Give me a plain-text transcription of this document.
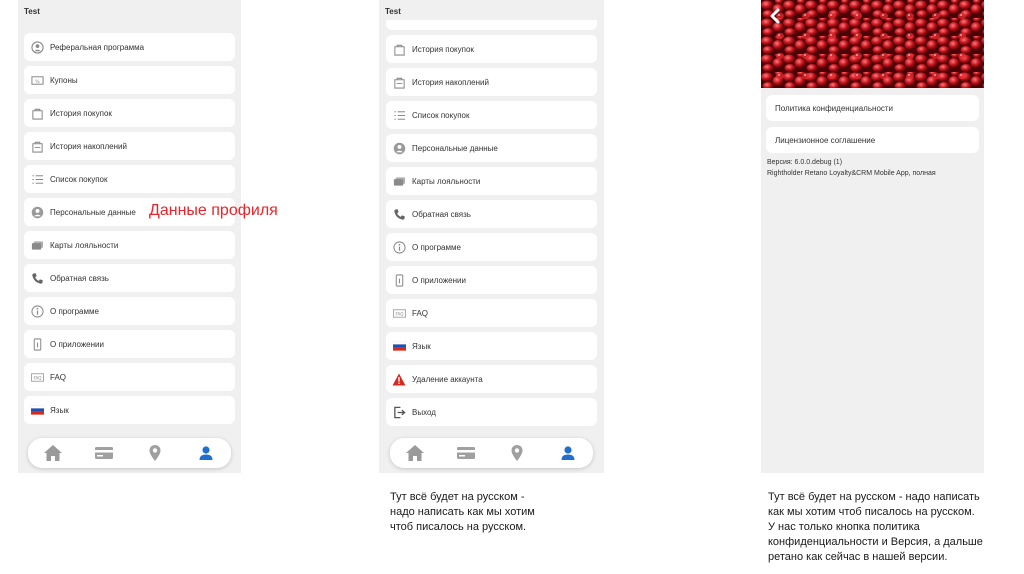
Test
Реферальная программа
% Купоны
История покупок
История накоплений
Список покупок
Персональные данные
Карты лояльности
Обратная связь
О программе
О приложении
FAQ FAQ
Язык
Данные профиля
Test
История покупок
История накоплений
Список покупок
Персональные данные
Карты лояльности
Обратная связь
О программе
О приложении
FAQ FAQ
Язык
Удаление аккаунта
Выход
Политика конфиденциальности
Лицензионное соглашение
Версия: 6.0.0.debug (1)
Rightholder Retano Loyalty&CRM Mobile App, полная
Тут всё будет на русском -
надо написать как мы хотим
чтоб писалось на русском.
Тут всё будет на русском - надо написать
как мы хотим чтоб писалось на русском.
У нас только кнопка политика
конфиденциальности и Версия, а дальше
ретано как сейчас в нашей версии.
